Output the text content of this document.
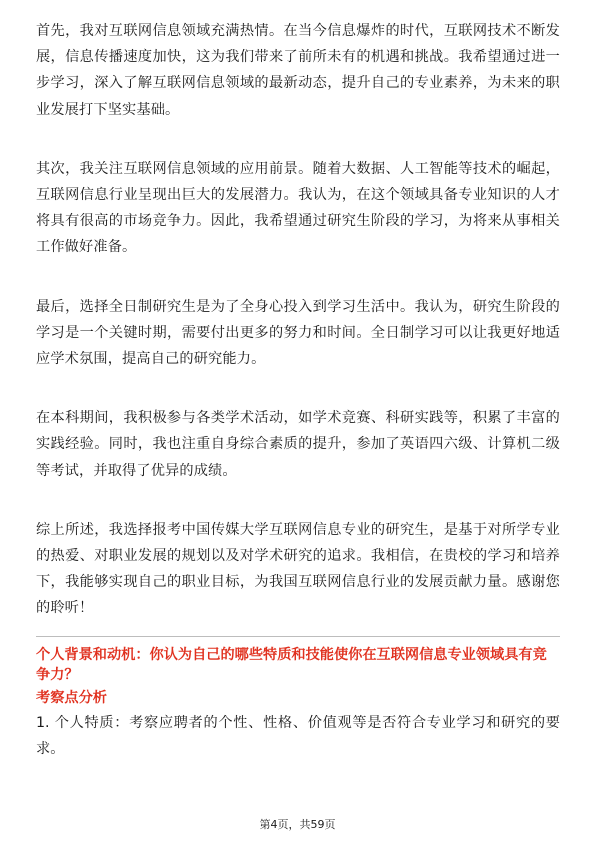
首先，我对互联网信息领域充满热情。在当今信息爆炸的时代，互联网技术不断发展，信息传播速度加快，这为我们带来了前所未有的机遇和挑战。我希望通过进一步学习，深入了解互联网信息领域的最新动态，提升自己的专业素养，为未来的职业发展打下坚实基础。

其次，我关注互联网信息领域的应用前景。随着大数据、人工智能等技术的崛起，互联网信息行业呈现出巨大的发展潜力。我认为，在这个领域具备专业知识的人才将具有很高的市场竞争力。因此，我希望通过研究生阶段的学习，为将来从事相关工作做好准备。

最后，选择全日制研究生是为了全身心投入到学习生活中。我认为，研究生阶段的学习是一个关键时期，需要付出更多的努力和时间。全日制学习可以让我更好地适应学术氛围，提高自己的研究能力。

在本科期间，我积极参与各类学术活动，如学术竞赛、科研实践等，积累了丰富的实践经验。同时，我也注重自身综合素质的提升，参加了英语四六级、计算机二级等考试，并取得了优异的成绩。

综上所述，我选择报考中国传媒大学互联网信息专业的研究生，是基于对所学专业的热爱、对职业发展的规划以及对学术研究的追求。我相信，在贵校的学习和培养下，我能够实现自己的职业目标，为我国互联网信息行业的发展贡献力量。感谢您的聆听！

个人背景和动机：你认为自己的哪些特质和技能使你在互联网信息专业领域具有竞争力？

考察点分析

1. 个人特质：考察应聘者的个性、性格、价值观等是否符合专业学习和研究的要求。

第4页，共59页
